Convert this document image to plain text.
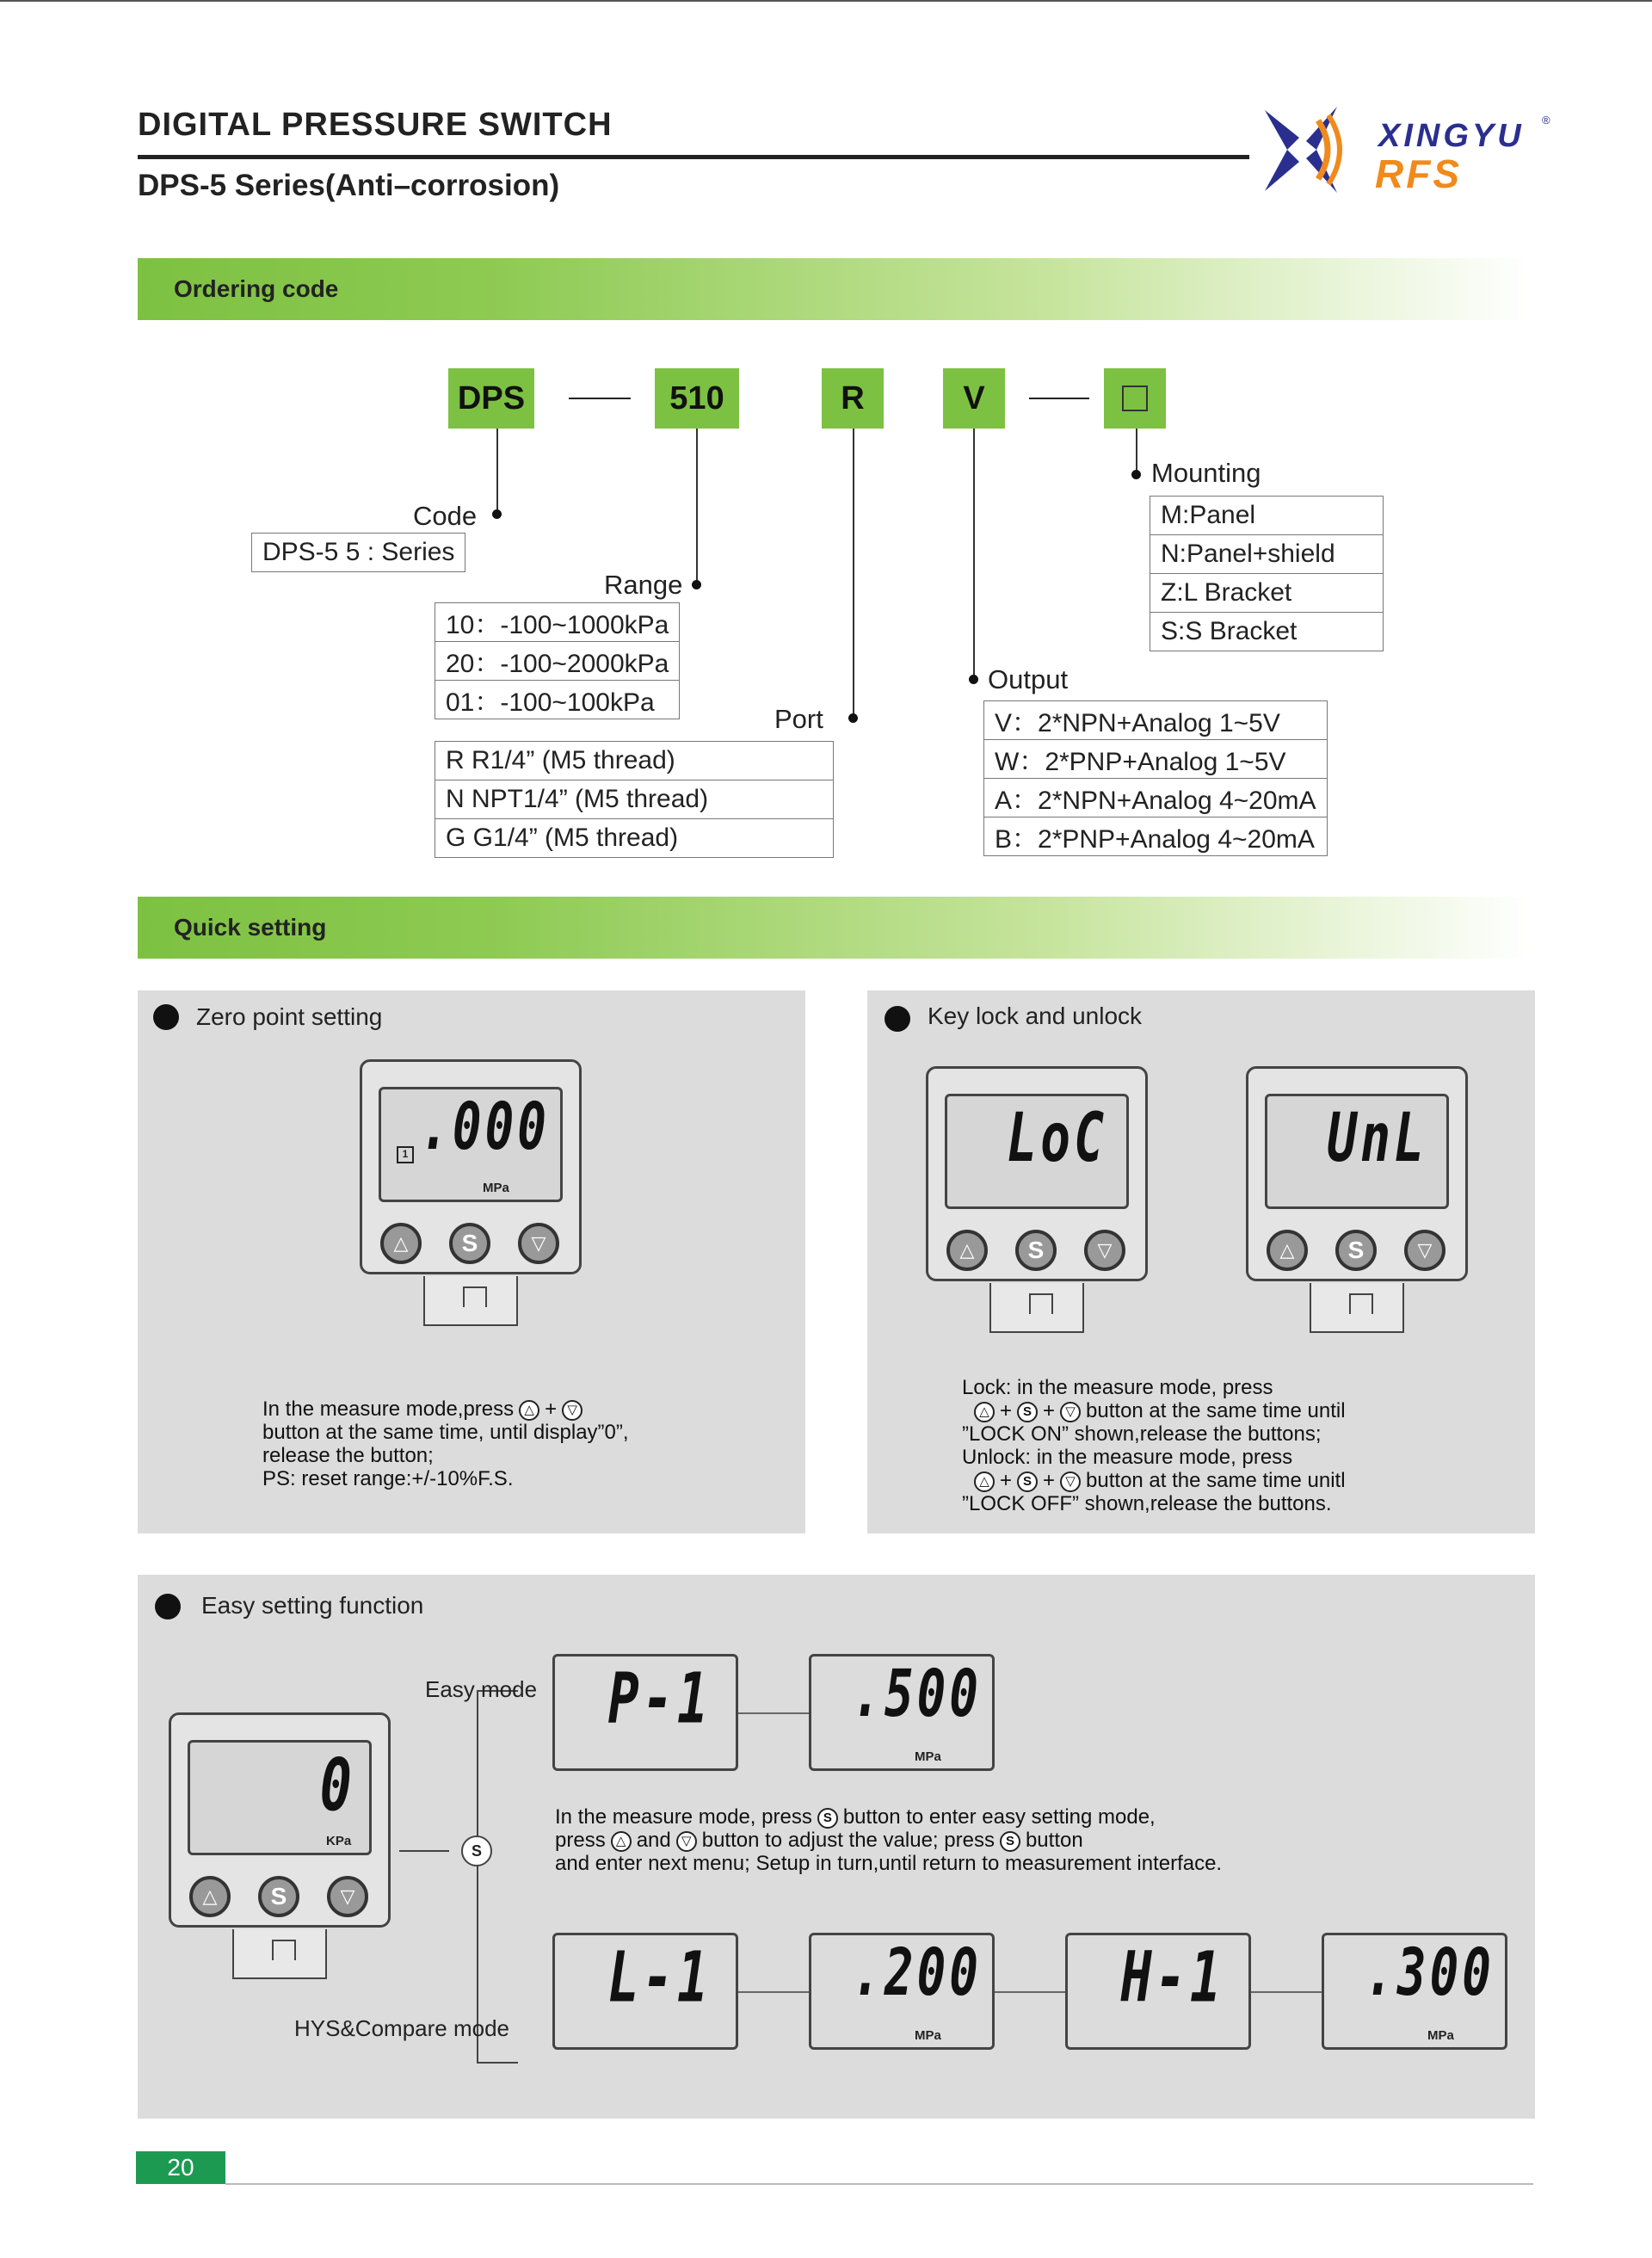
DIGITAL PRESSURE SWITCH
DPS-5 Series(Anti–corrosion)
XINGYU ®
RFS
Ordering code
DPS	510	R	V
Code
DPS-5 5 : Series
Range
10：-100~1000kPa
20：-100~2000kPa
01：-100~100kPa
Port
R R1/4” (M5 thread)
N NPT1/4” (M5 thread)
G G1/4” (M5 thread)
Output
V：2*NPN+Analog 1~5V
W：2*PNP+Analog 1~5V
A：2*NPN+Analog 4~20mA
B：2*PNP+Analog 4~20mA
Mounting
M:Panel
N:Panel+shield
Z:L Bracket
S:S Bracket
Quick setting
Zero point setting
1 .000
MPa
△	S	▽
In the measure mode,press △ + ▽
button at the same time, until display”0”,
release the button;
PS: reset range:+/-10%F.S.
Key lock and unlock
LoC
△	S	▽
UnL
△	S	▽
Lock: in the measure mode, press
△ + S + ▽ button at the same time until
”LOCK ON” shown,release the buttons;
Unlock: in the measure mode, press
△ + S + ▽ button at the same time unitl
”LOCK OFF” shown,release the buttons.
Easy setting function
0
KPa
△	S	▽
S
Easy mode
HYS&Compare mode
P-1	.500
MPa
In the measure mode, press S button to enter easy setting mode,
press △ and ▽ button to adjust the value; press S button
and enter next menu; Setup in turn,until return to measurement interface.
L-1	.200
MPa
H-1	.300
MPa
20
